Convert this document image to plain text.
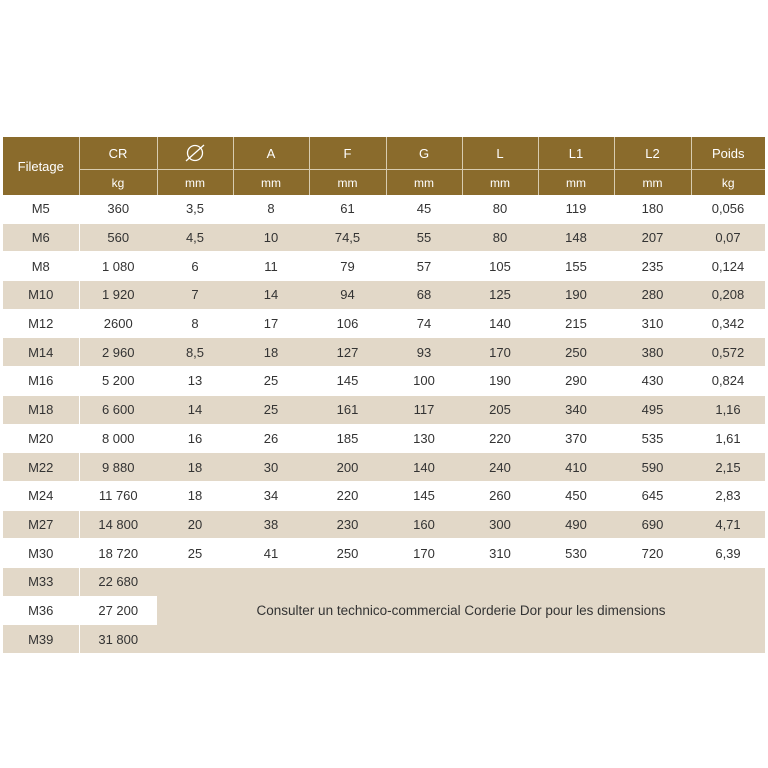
Filetage	CR		A	F	G	L	L1	L2	Poids
	kg	mm	mm	mm	mm	mm	mm	mm	kg
M5	360	3,5	8	61	45	80	119	180	0,056
M6	560	4,5	10	74,5	55	80	148	207	0,07
M8	1 080	6	11	79	57	105	155	235	0,124
M10	1 920	7	14	94	68	125	190	280	0,208
M12	2600	8	17	106	74	140	215	310	0,342
M14	2 960	8,5	18	127	93	170	250	380	0,572
M16	5 200	13	25	145	100	190	290	430	0,824
M18	6 600	14	25	161	117	205	340	495	1,16
M20	8 000	16	26	185	130	220	370	535	1,61
M22	9 880	18	30	200	140	240	410	590	2,15
M24	11 760	18	34	220	145	260	450	645	2,83
M27	14 800	20	38	230	160	300	490	690	4,71
M30	18 720	25	41	250	170	310	530	720	6,39
M33	22 680	Consulter un technico-commercial Corderie Dor pour les dimensions							
M36	27 200								
M39	31 800								
